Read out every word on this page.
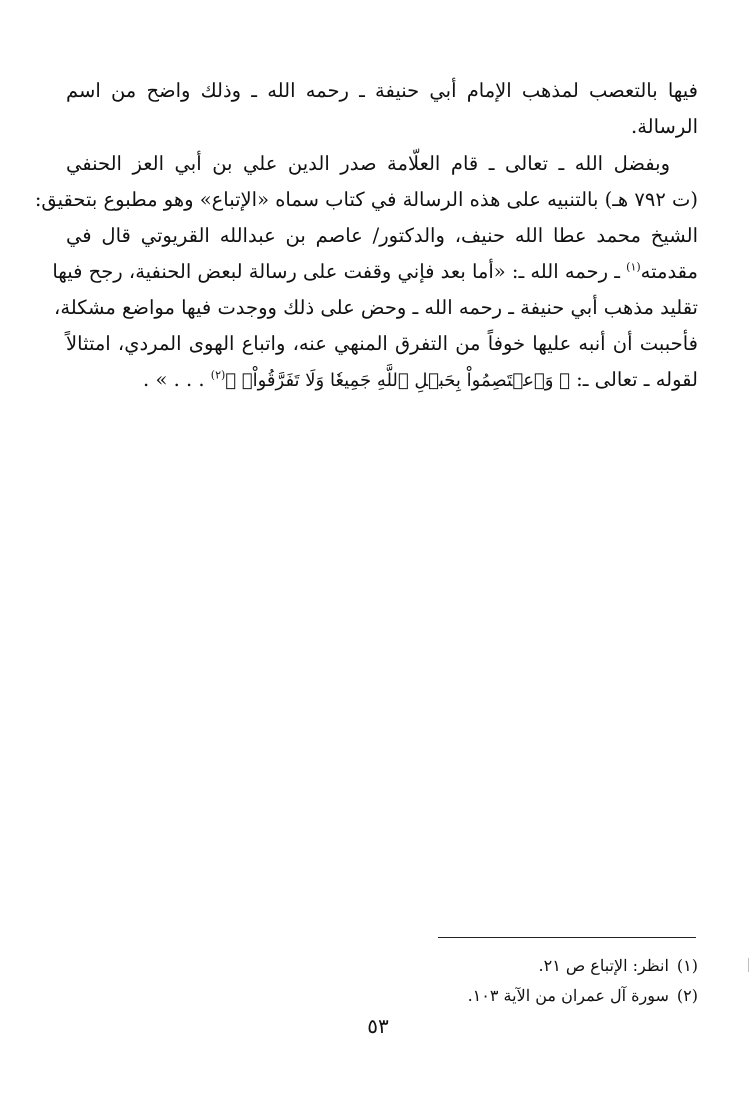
فيها بالتعصب لمذهب الإمام أبي حنيفة ـ رحمه الله ـ وذلك واضح من اسم
الرسالة.
وبفضل الله ـ تعالى ـ قام العلّامة صدر الدين علي بن أبي العز الحنفي
(ت ٧٩٢ هـ) بالتنبيه على هذه الرسالة في كتاب سماه «الإتباع» وهو مطبوع بتحقيق:
الشيخ محمد عطا الله حنيف، والدكتور/ عاصم بن عبدالله القريوتي قال في
مقدمته$^{(١)}$ ـ رحمه الله ـ: «أما بعد فإني وقفت على رسالة لبعض الحنفية، رجح فيها
تقليد مذهب أبي حنيفة ـ رحمه الله ـ وحض على ذلك ووجدت فيها مواضع مشكلة،
فأحببت أن أنبه عليها خوفاً من التفرق المنهي عنه، واتباع الهوى المردي، امتثالاً
لقوله ـ تعالى ـ: ﴿ وَٱعۡتَصِمُواْ بِحَبۡلِ ٱللَّهِ جَمِيعٗا وَلَا تَفَرَّقُواْۚ ﴾$^{(٢)}$ . . . » .
(١)انظر: الإتباع ص ٢١.
(٢)سورة آل عمران من الآية ١٠٣.
٥٣
